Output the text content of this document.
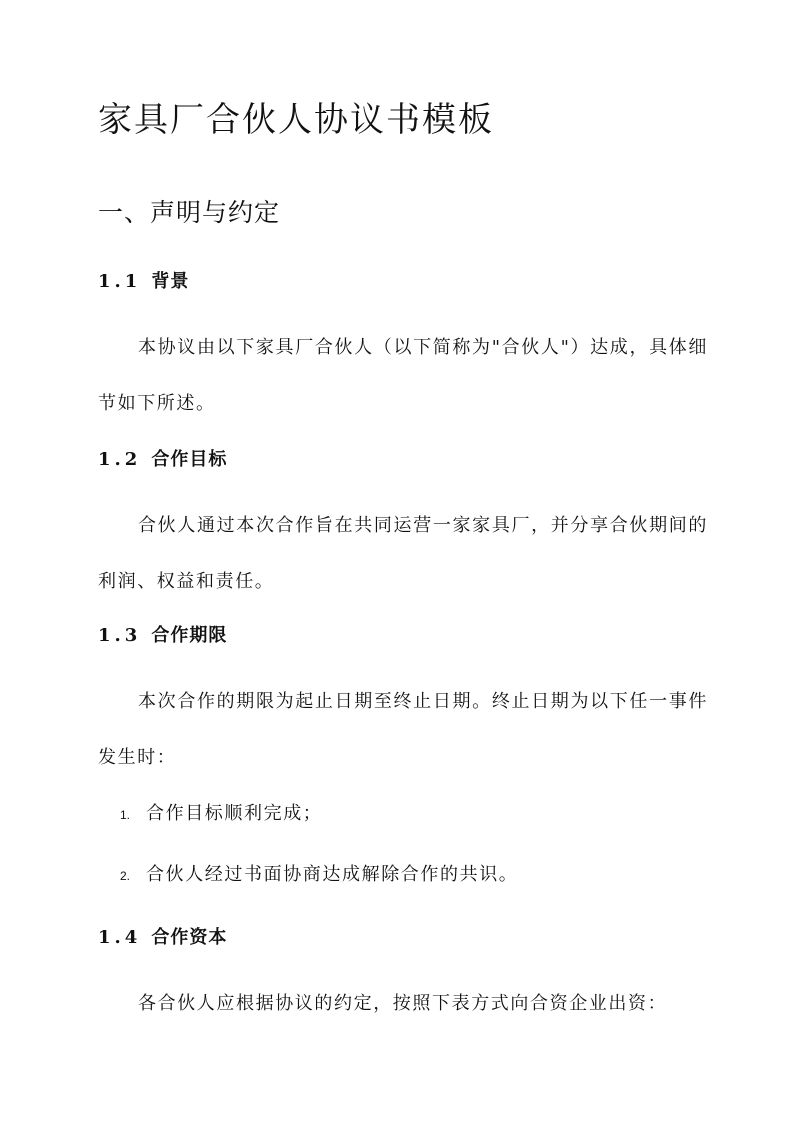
家具厂合伙人协议书模板
一、声明与约定
1.1 背景

本协议由以下家具厂合伙人（以下简称为"合伙人"）达成，具体细节如下所述。

1.2 合作目标

合伙人通过本次合作旨在共同运营一家家具厂，并分享合伙期间的利润、权益和责任。

1.3 合作期限

本次合作的期限为起止日期至终止日期。终止日期为以下任一事件发生时：

1. 合作目标顺利完成；

2. 合伙人经过书面协商达成解除合作的共识。

1.4 合作资本

各合伙人应根据协议的约定，按照下表方式向合资企业出资：
